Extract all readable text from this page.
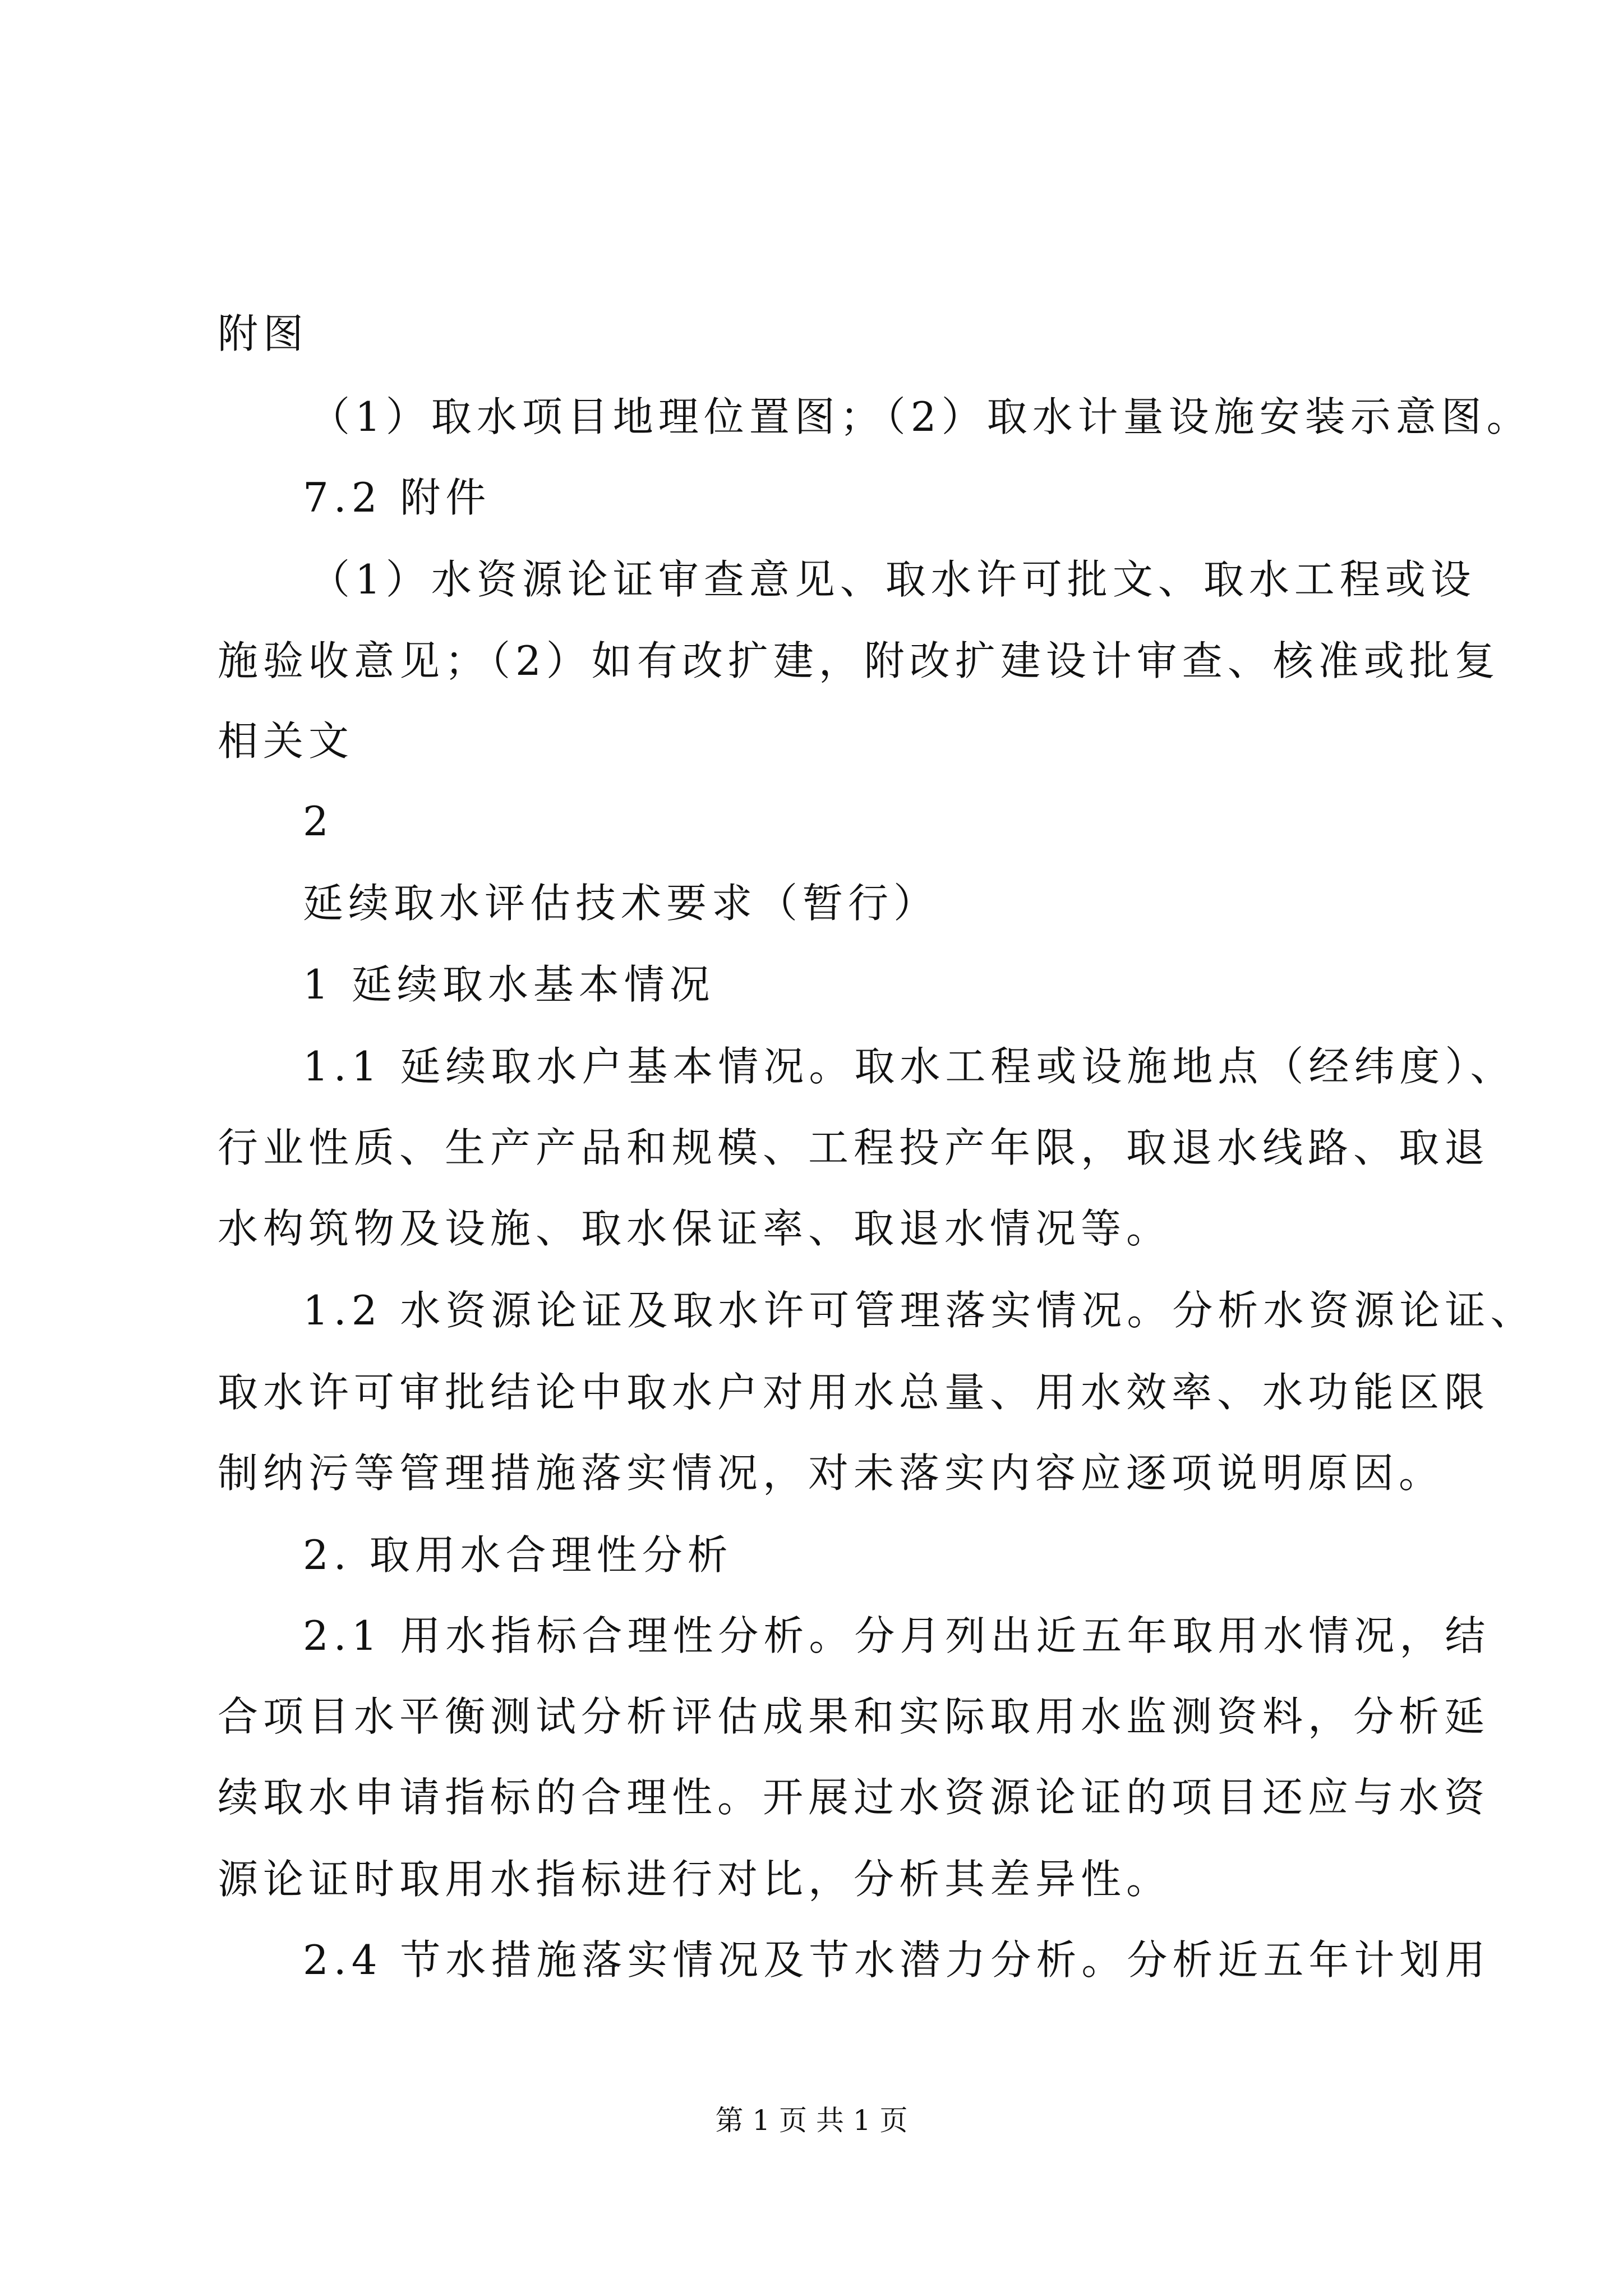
附图
（1）取水项目地理位置图；（2）取水计量设施安装示意图。
7.2 附件
（1）水资源论证审查意见、取水许可批文、取水工程或设
施验收意见；（2）如有改扩建，附改扩建设计审查、核准或批复
相关文
2
延续取水评估技术要求（暂行）
1 延续取水基本情况
1.1 延续取水户基本情况。取水工程或设施地点（经纬度）、
行业性质、生产产品和规模、工程投产年限，取退水线路、取退
水构筑物及设施、取水保证率、取退水情况等。
1.2 水资源论证及取水许可管理落实情况。分析水资源论证、
取水许可审批结论中取水户对用水总量、用水效率、水功能区限
制纳污等管理措施落实情况，对未落实内容应逐项说明原因。
2. 取用水合理性分析
2.1 用水指标合理性分析。分月列出近五年取用水情况，结
合项目水平衡测试分析评估成果和实际取用水监测资料，分析延
续取水申请指标的合理性。开展过水资源论证的项目还应与水资
源论证时取用水指标进行对比，分析其差异性。
2.4 节水措施落实情况及节水潜力分析。分析近五年计划用
第 1 页 共 1 页
